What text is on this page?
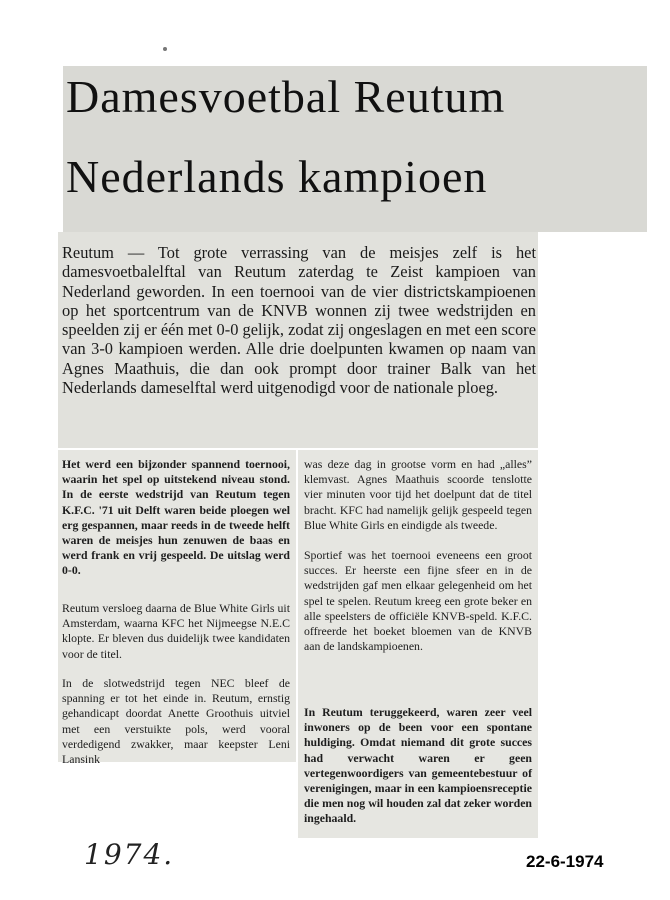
Damesvoetbal Reutum
Nederlands kampioen

Reutum — Tot grote verrassing van de meisjes zelf is het damesvoetbalelftal van Reutum zaterdag te Zeist kampioen van Nederland geworden. In een toernooi van de vier districtskampioenen op het sportcentrum van de KNVB wonnen zij twee wedstrijden en speelden zij er één met 0-0 gelijk, zodat zij ongeslagen en met een score van 3-0 kampioen werden. Alle drie doelpunten kwamen op naam van Agnes Maathuis, die dan ook prompt door trainer Balk van het Nederlands dameselftal werd uitgenodigd voor de nationale ploeg.

Het werd een bijzonder spannend toernooi, waarin het spel op uitstekend niveau stond. In de eerste wedstrijd van Reutum tegen K.F.C. '71 uit Delft waren beide ploegen wel erg gespannen, maar reeds in de tweede helft waren de meisjes hun zenuwen de baas en werd frank en vrij gespeeld. De uitslag werd 0-0.

Reutum versloeg daarna de Blue White Girls uit Amsterdam, waarna KFC het Nijmeegse N.E.C klopte. Er bleven dus duidelijk twee kandidaten voor de titel.

In de slotwedstrijd tegen NEC bleef de spanning er tot het einde in. Reutum, ernstig gehandicapt doordat Anette Groothuis uitviel met een verstuikte pols, werd vooral verdedigend zwakker, maar keepster Leni Lansink

was deze dag in grootse vorm en had „alles” klemvast. Agnes Maathuis scoorde tenslotte vier minuten voor tijd het doelpunt dat de titel bracht. KFC had namelijk gelijk gespeeld tegen Blue White Girls en eindigde als tweede.

Sportief was het toernooi eveneens een groot succes. Er heerste een fijne sfeer en in de wedstrijden gaf men elkaar gelegenheid om het spel te spelen. Reutum kreeg een grote beker en alle speelsters de officiële KNVB-speld. K.F.C. offreerde het boeket bloemen van de KNVB aan de landskampioenen.

In Reutum teruggekeerd, waren zeer veel inwoners op de been voor een spontane huldiging. Omdat niemand dit grote succes had verwacht waren er geen vertegenwoordigers van gemeentebestuur of verenigingen, maar in een kampioensreceptie die men nog wil houden zal dat zeker worden ingehaald.

1974.	22-6-1974
